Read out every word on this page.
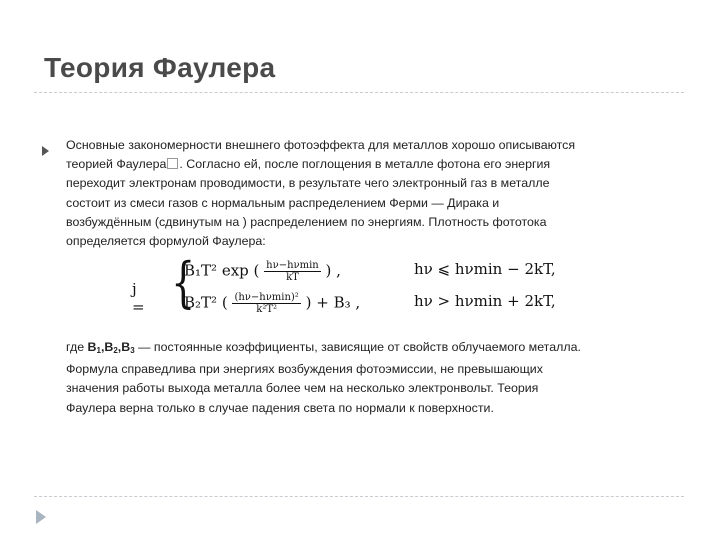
Теория Фаулера
Основные закономерности внешнего фотоэффекта для металлов хорошо описываются
теорией Фаулера . Согласно ей, после поглощения в металле фотона его энергия
переходит электронам проводимости, в результате чего электронный газ в металле
состоит из смеси газов с нормальным распределением Ферми — Дирака и
возбуждённым (сдвинутым на ) распределением по энергиям. Плотность фототока
определяется формулой Фаулера:
j = {
B₁T² exp ( $\frac{h\nu-h\nu\min}{kT}$ ) ,	hν ⩽ hνmin − 2kT,
B₂T² ( $\frac{\text{(hν−hνmin)²}}{\text{k²T²}}$ ) + B₃ ,	hν > hνmin + 2kT,
где $B_1,B_2,B_3$ — постоянные коэффициенты, зависящие от свойств облучаемого металла.
Формула справедлива при энергиях возбуждения фотоэмиссии, не превышающих
значения работы выхода металла более чем на несколько электронвольт. Теория
Фаулера верна только в случае падения света по нормали к поверхности.
